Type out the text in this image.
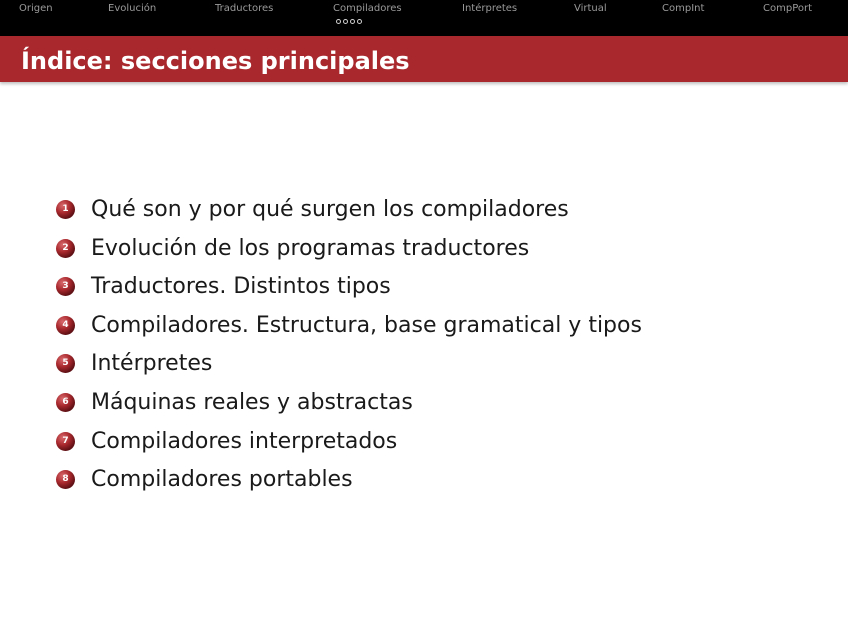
Origen	Evolución	Traductores	Compiladores	Intérpretes	Virtual	CompInt	CompPort
Índice: secciones principales
1	Qué son y por qué surgen los compiladores
2	Evolución de los programas traductores
3	Traductores. Distintos tipos
4	Compiladores. Estructura, base gramatical y tipos
5	Intérpretes
6	Máquinas reales y abstractas
7	Compiladores interpretados
8	Compiladores portables
